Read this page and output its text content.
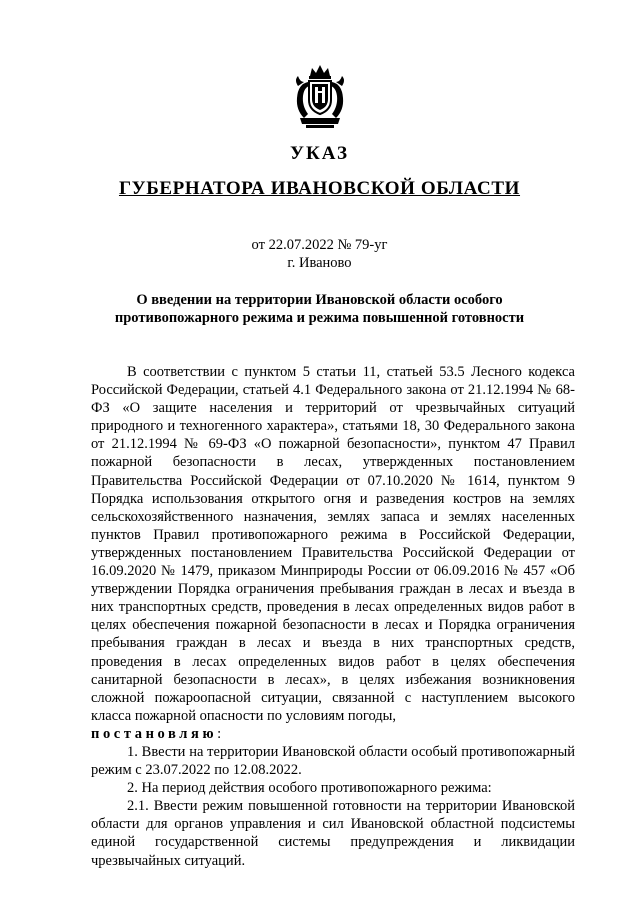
УКАЗ
ГУБЕРНАТОРА ИВАНОВСКОЙ ОБЛАСТИ
от 22.07.2022 № 79-уг
г. Иваново
О введении на территории Ивановской области особого
противопожарного режима и режима повышенной готовности

В соответствии с пунктом 5 статьи 11, статьей 53.5 Лесного кодекса Российской Федерации, статьей 4.1 Федерального закона от 21.12.1994 № 68-ФЗ «О защите населения и территорий от чрезвычайных ситуаций природного и техногенного характера», статьями 18, 30 Федерального закона от 21.12.1994 № 69-ФЗ «О пожарной безопасности», пунктом 47 Правил пожарной безопасности в лесах, утвержденных постановлением Правительства Российской Федерации от 07.10.2020 № 1614, пунктом 9 Порядка использования открытого огня и разведения костров на землях сельскохозяйственного назначения, землях запаса и землях населенных пунктов Правил противопожарного режима в Российской Федерации, утвержденных постановлением Правительства Российской Федерации от 16.09.2020 № 1479, приказом Минприроды России от 06.09.2016 № 457 «Об утверждении Порядка ограничения пребывания граждан в лесах и въезда в них транспортных средств, проведения в лесах определенных видов работ в целях обеспечения пожарной безопасности в лесах и Порядка ограничения пребывания граждан в лесах и въезда в них транспортных средств, проведения в лесах определенных видов работ в целях обеспечения санитарной безопасности в лесах», в целях избежания возникновения сложной пожароопасной ситуации, связанной с наступлением высокого класса пожарной опасности по условиям погоды,

постановляю:

1. Ввести на территории Ивановской области особый противопожарный режим с 23.07.2022 по 12.08.2022.

2. На период действия особого противопожарного режима:

2.1. Ввести режим повышенной готовности на территории Ивановской области для органов управления и сил Ивановской областной подсистемы единой государственной системы предупреждения и ликвидации чрезвычайных ситуаций.
